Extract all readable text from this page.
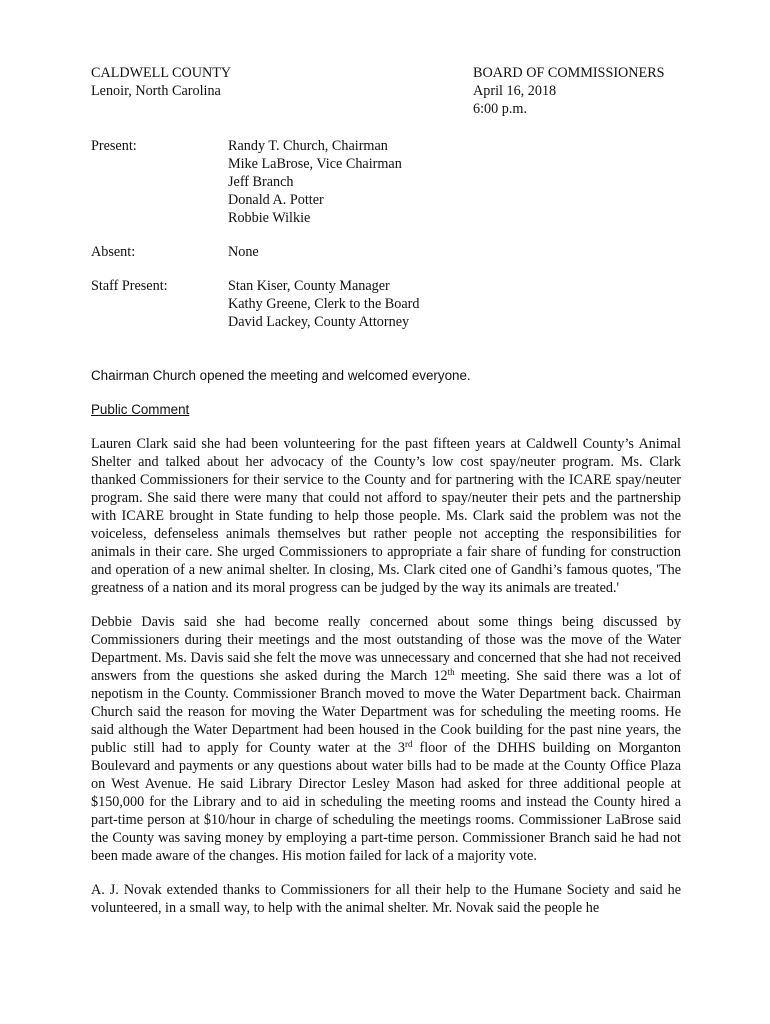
CALDWELL COUNTY
Lenoir, North Carolina
BOARD OF COMMISSIONERS
April 16, 2018
6:00 p.m.
Present:	Randy T. Church, Chairman
Mike LaBrose, Vice Chairman
Jeff Branch
Donald A. Potter
Robbie Wilkie
Absent:	None
Staff Present:	Stan Kiser, County Manager
Kathy Greene, Clerk to the Board
David Lackey, County Attorney

Chairman Church opened the meeting and welcomed everyone.

Public Comment

Lauren Clark said she had been volunteering for the past fifteen years at Caldwell County’s Animal Shelter and talked about her advocacy of the County’s low cost spay/neuter program. Ms. Clark thanked Commissioners for their service to the County and for partnering with the ICARE spay/neuter program. She said there were many that could not afford to spay/neuter their pets and the partnership with ICARE brought in State funding to help those people. Ms. Clark said the problem was not the voiceless, defenseless animals themselves but rather people not accepting the responsibilities for animals in their care. She urged Commissioners to appropriate a fair share of funding for construction and operation of a new animal shelter. In closing, Ms. Clark cited one of Gandhi’s famous quotes, 'The greatness of a nation and its moral progress can be judged by the way its animals are treated.'

Debbie Davis said she had become really concerned about some things being discussed by Commissioners during their meetings and the most outstanding of those was the move of the Water Department. Ms. Davis said she felt the move was unnecessary and concerned that she had not received answers from the questions she asked during the March 12th meeting. She said there was a lot of nepotism in the County. Commissioner Branch moved to move the Water Department back. Chairman Church said the reason for moving the Water Department was for scheduling the meeting rooms. He said although the Water Department had been housed in the Cook building for the past nine years, the public still had to apply for County water at the 3rd floor of the DHHS building on Morganton Boulevard and payments or any questions about water bills had to be made at the County Office Plaza on West Avenue. He said Library Director Lesley Mason had asked for three additional people at $150,000 for the Library and to aid in scheduling the meeting rooms and instead the County hired a part-time person at $10/hour in charge of scheduling the meetings rooms. Commissioner LaBrose said the County was saving money by employing a part-time person. Commissioner Branch said he had not been made aware of the changes. His motion failed for lack of a majority vote.

A. J. Novak extended thanks to Commissioners for all their help to the Humane Society and said he volunteered, in a small way, to help with the animal shelter. Mr. Novak said the people he
